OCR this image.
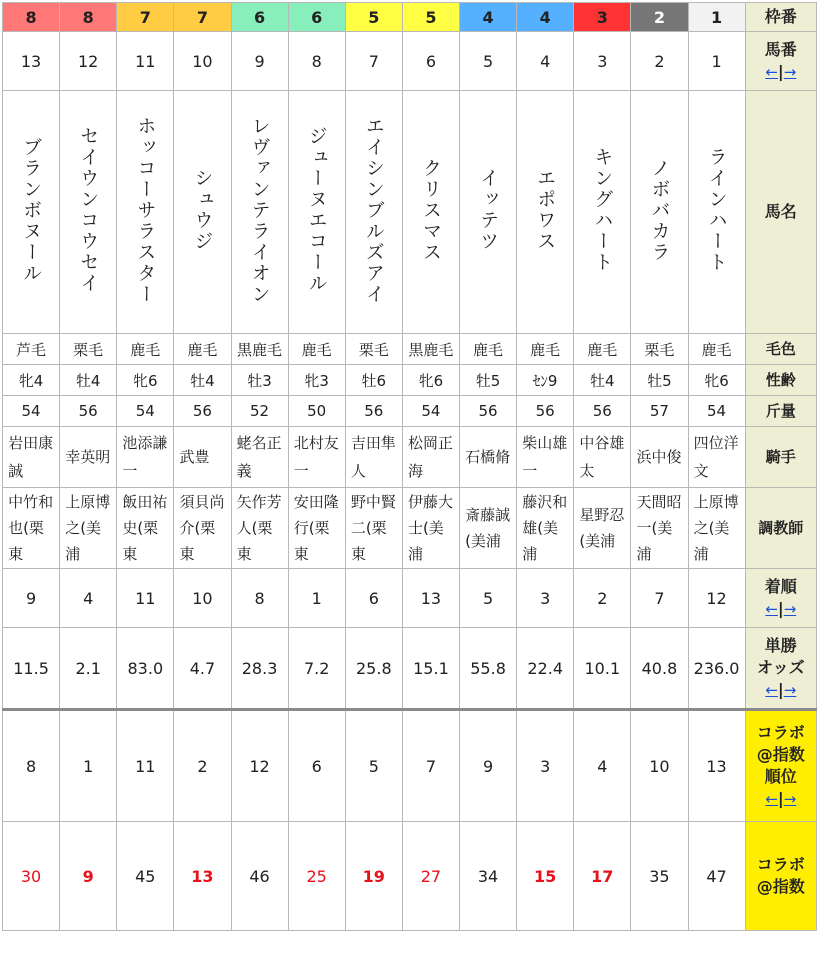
8	8	7	7	6	6	5	5	4	4	3	2	1	枠番
13	12	11	10	9	8	7	6	5	4	3	2	1	馬番
←|→

ブランボヌール	セイウンコウセイ	ホッコーサラスター	シュウジ	レヴァンテライオン	ジューヌエコール	エイシンブルズアイ	クリスマス	イッテツ	エポワス	キングハート	ノボバカラ	ラインハート	馬名
芦毛	栗毛	鹿毛	鹿毛	黒鹿毛	鹿毛	栗毛	黒鹿毛	鹿毛	鹿毛	鹿毛	栗毛	鹿毛	毛色
牝4	牡4	牝6	牡4	牡3	牝3	牡6	牝6	牡5	ｾﾝ9	牡4	牡5	牝6	性齢
54	56	54	56	52	50	56	54	56	56	56	57	54	斤量
岩田康誠	幸英明	池添謙一	武豊	蛯名正義	北村友一	吉田隼人	松岡正海	石橋脩	柴山雄一	中谷雄太	浜中俊	四位洋文	騎手
中竹和也(栗東	上原博之(美浦	飯田祐史(栗東	須貝尚介(栗東	矢作芳人(栗東	安田隆行(栗東	野中賢二(栗東	伊藤大士(美浦	斎藤誠(美浦	藤沢和雄(美浦	星野忍(美浦	天間昭一(美浦	上原博之(美浦	調教師
9	4	11	10	8	1	6	13	5	3	2	7	12	着順
←|→

11.5	2.1	83.0	4.7	28.3	7.2	25.8	15.1	55.8	22.4	10.1	40.8	236.0	単勝
オッズ
←|→

8	1	11	2	12	6	5	7	9	3	4	10	13	コラボ
@指数
順位
←|→

30	9	45	13	46	25	19	27	34	15	17	35	47	コラボ
@指数
